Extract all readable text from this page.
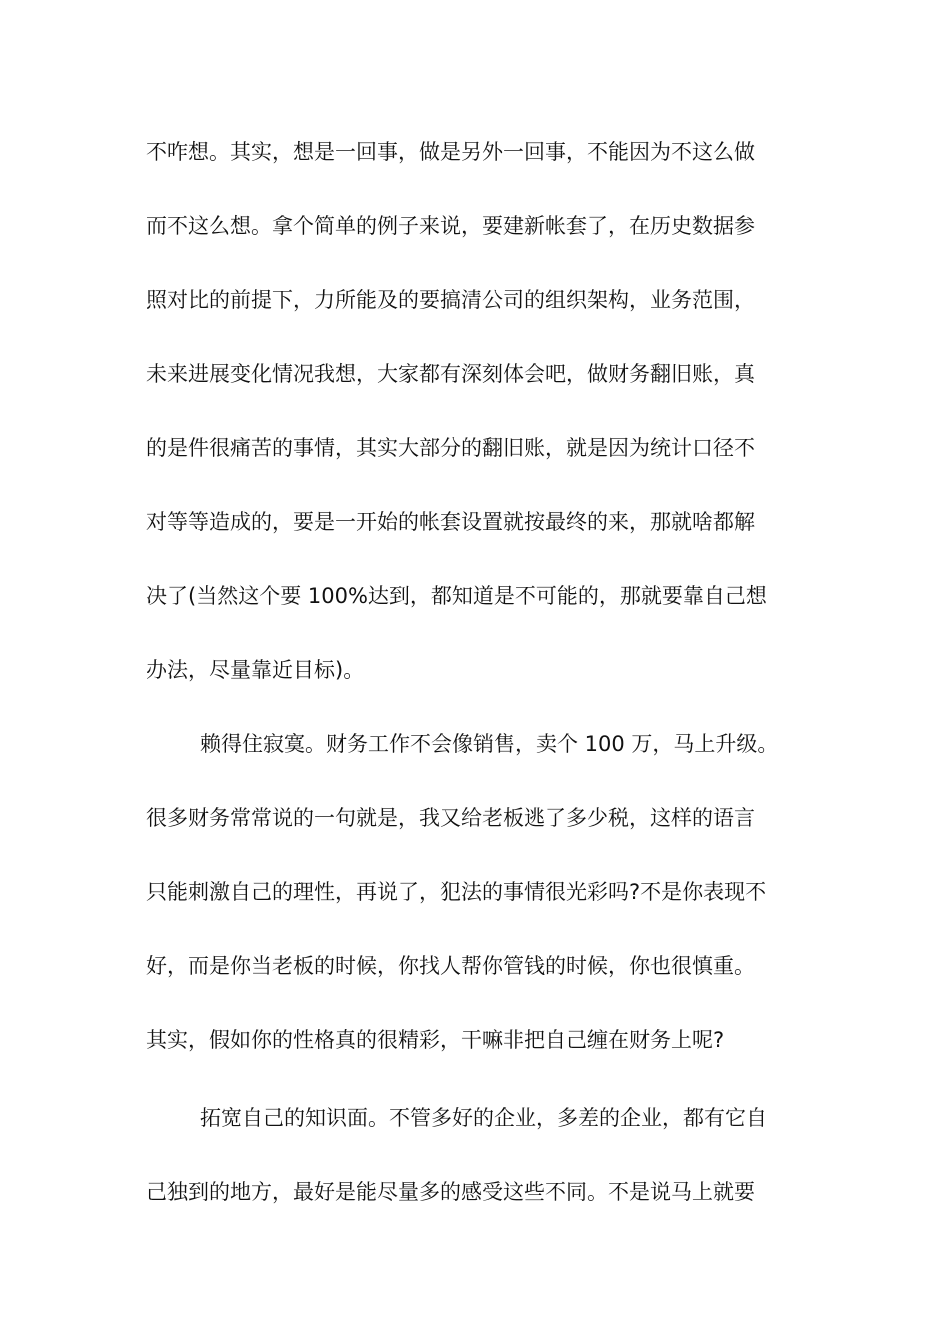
不咋想。其实，想是一回事，做是另外一回事，不能因为不这么做
而不这么想。拿个简单的例子来说，要建新帐套了，在历史数据参
照对比的前提下，力所能及的要搞清公司的组织架构，业务范围，
未来进展变化情况我想，大家都有深刻体会吧，做财务翻旧账，真
的是件很痛苦的事情，其实大部分的翻旧账，就是因为统计口径不
对等等造成的，要是一开始的帐套设置就按最终的来，那就啥都解
决了(当然这个要 100%达到，都知道是不可能的，那就要靠自己想
办法，尽量靠近目标)。
赖得住寂寞。财务工作不会像销售，卖个 100 万，马上升级。
很多财务常常说的一句就是，我又给老板逃了多少税，这样的语言
只能刺激自己的理性，再说了，犯法的事情很光彩吗?不是你表现不
好，而是你当老板的时候，你找人帮你管钱的时候，你也很慎重。
其实，假如你的性格真的很精彩，干嘛非把自己缠在财务上呢?
拓宽自己的知识面。不管多好的企业，多差的企业，都有它自
己独到的地方，最好是能尽量多的感受这些不同。不是说马上就要
